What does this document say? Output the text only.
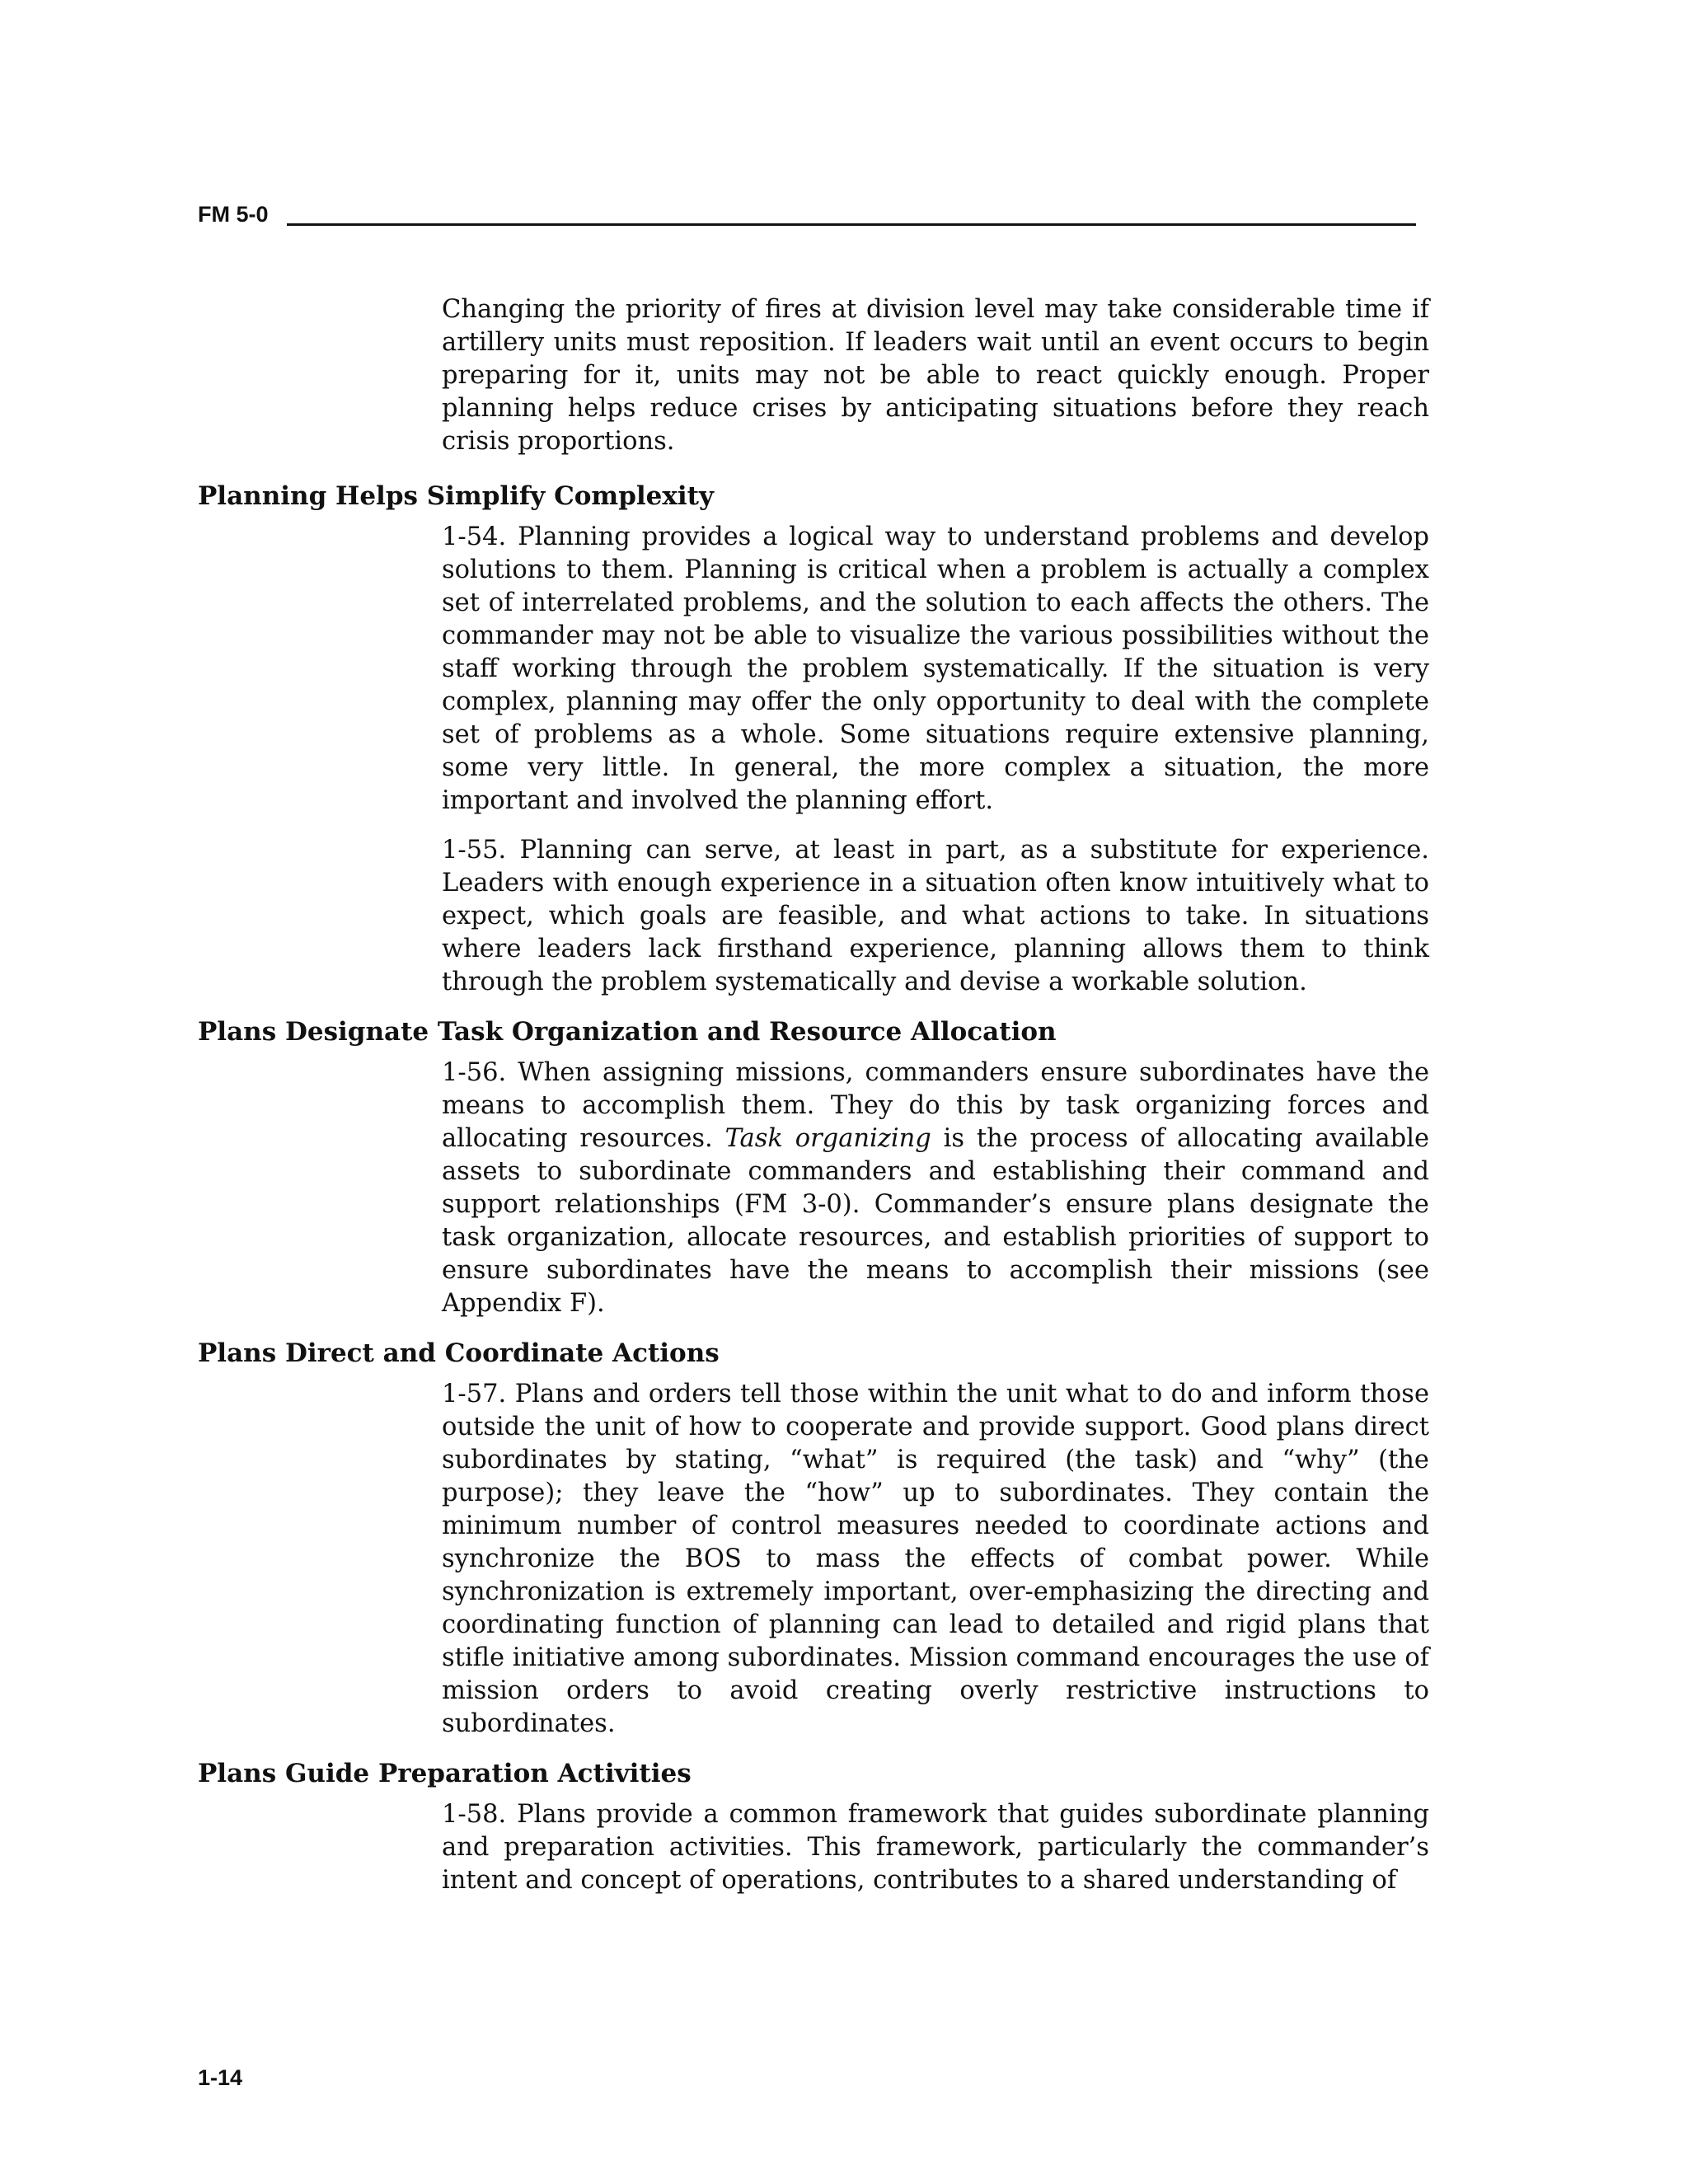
FM 5-0

Changing the priority of fires at division level may take considerable time if artillery units must reposition. If leaders wait until an event occurs to begin preparing for it, units may not be able to react quickly enough. Proper planning helps reduce crises by anticipating situations before they reach crisis proportions.

Planning Helps Simplify Complexity

1-54. Planning provides a logical way to understand problems and develop solutions to them. Planning is critical when a problem is actually a complex set of interrelated problems, and the solution to each affects the others. The commander may not be able to visualize the various possibilities without the staff working through the problem systematically. If the situation is very complex, planning may offer the only opportunity to deal with the complete set of problems as a whole. Some situations require extensive planning, some very little. In general, the more complex a situation, the more important and involved the planning effort.

1-55. Planning can serve, at least in part, as a substitute for experience. Leaders with enough experience in a situation often know intuitively what to expect, which goals are feasible, and what actions to take. In situations where leaders lack firsthand experience, planning allows them to think through the problem systematically and devise a workable solution.

Plans Designate Task Organization and Resource Allocation

1-56. When assigning missions, commanders ensure subordinates have the means to accomplish them. They do this by task organizing forces and allocating resources. Task organizing is the process of allocating available assets to subordinate commanders and establishing their command and support relationships (FM 3-0). Commander’s ensure plans designate the task organization, allocate resources, and establish priorities of support to ensure subordinates have the means to accomplish their missions (see Appendix F).

Plans Direct and Coordinate Actions

1-57. Plans and orders tell those within the unit what to do and inform those outside the unit of how to cooperate and provide support. Good plans direct subordinates by stating, “what” is required (the task) and “why” (the purpose); they leave the “how” up to subordinates. They contain the minimum number of control measures needed to coordinate actions and synchronize the BOS to mass the effects of combat power. While synchronization is extremely important, over-emphasizing the directing and coordinating function of planning can lead to detailed and rigid plans that stifle initiative among subordinates. Mission command encourages the use of mission orders to avoid creating overly restrictive instructions to subordinates.

Plans Guide Preparation Activities

1-58. Plans provide a common framework that guides subordinate planning and preparation activities. This framework, particularly the commander’s intent and concept of operations, contributes to a shared understanding of

1-14
